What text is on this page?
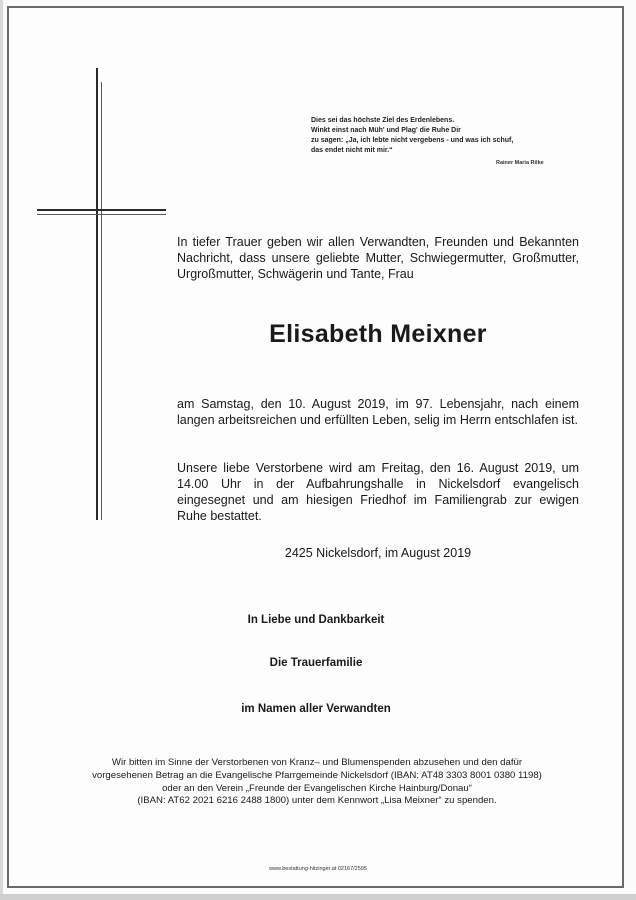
Dies sei das höchste Ziel des Erdenlebens.
Winkt einst nach Müh' und Plag' die Ruhe Dir
zu sagen: „Ja, ich lebte nicht vergebens - und was ich schuf,
das endet nicht mit mir.“
Rainer Maria Rilke
In tiefer Trauer geben wir allen Verwandten, Freunden und Bekannten Nachricht, dass unsere geliebte Mutter, Schwiegermutter, Großmutter, Urgroßmutter, Schwägerin und Tante, Frau
Elisabeth Meixner
am Samstag, den 10. August 2019, im 97. Lebensjahr, nach einem langen arbeitsreichen und erfüllten Leben, selig im Herrn entschlafen ist.
Unsere liebe Verstorbene wird am Freitag, den 16. August 2019, um 14.00 Uhr in der Aufbahrungshalle in Nickelsdorf evangelisch eingesegnet und am hiesigen Friedhof im Familiengrab zur ewigen Ruhe bestattet.
2425 Nickelsdorf, im August 2019
In Liebe und Dankbarkeit
Die Trauerfamilie
im Namen aller Verwandten
Wir bitten im Sinne der Verstorbenen von Kranz– und Blumenspenden abzusehen und den dafür
vorgesehenen Betrag an die Evangelische Pfarrgemeinde Nickelsdorf (IBAN: AT48 3303 8001 0380 1198)
oder an den Verein „Freunde der Evangelischen Kirche Hainburg/Donau“
(IBAN: AT62 2021 6216 2488 1800) unter dem Kennwort „Lisa Meixner“ zu spenden.
www.bestattung-hitzinger.at 02167/2595
